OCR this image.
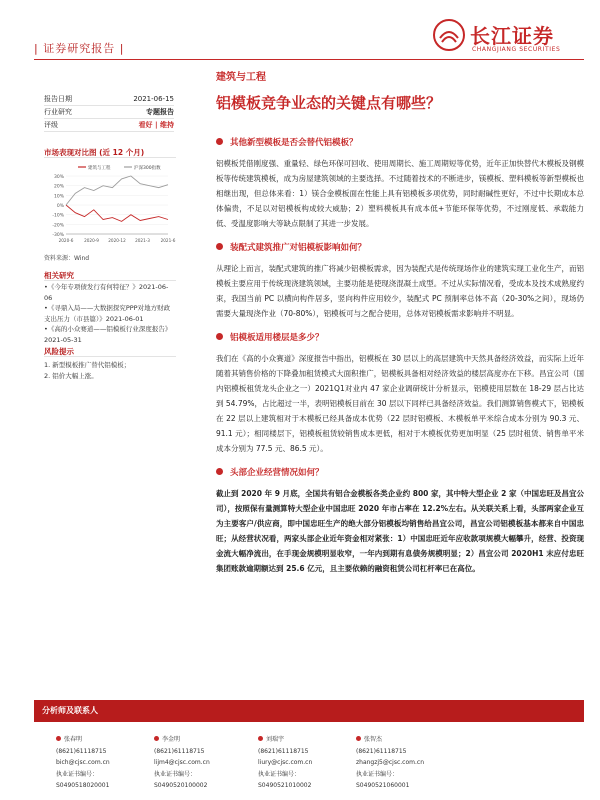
| 证券研究报告 |
长江证券
CHANGJIANG SECURITIES
建筑与工程
铝模板竞争业态的关键点有哪些？
报告日期	2021-06-15
行业研究	专题报告
评级	看好 | 维持
市场表现对比图 (近 12 个月)
30%
20%
10%
0%
-10%
-20%
-30%
2020-6	2020-9 2020-12 2021-3	2021-6
建筑与工程	沪深300指数
资料来源：Wind
相关研究
•《今年专项债发行有何特征？》2021-06-06
•《寻鼎入局——大数据探究PPP对地方财政支出压力（市县篇）》2021-06-01
•《高的小众赛道——铝模板行业深度报告》2021-05-31
风险提示
1. 新型模板推广替代铝模板；
2. 铝价大幅上涨。
其他新型模板是否会替代铝模板？
铝模板凭借刚度强、重量轻、绿色环保可回收、使用周期长、施工周期短等优势，近年正加快替代木模板及钢模板等传统建筑模板，成为房屋建筑领域的主要选择。不过随着技术的不断进步，镁模板、塑料模板等新型模板也相继出现，但总体来看：1）镁合金模板面在性能上具有铝模板多项优势，同时耐碱性更好，不过中长期成本总体偏贵，不足以对铝模板构成较大威胁；2）塑料模板具有成本低+节能环保等优势，不过刚度低、承载能力低、受温度影响大等缺点限制了其进一步发展。
装配式建筑推广对铝模板影响如何？
从理论上而言，装配式建筑的推广将减少铝模板需求，因为装配式是传统现场作业的建筑实现工业化生产，而铝模板主要应用于传统现浇建筑领域，主要功能是使现浇混凝土成型。不过从实际情况看，受成本及技术成熟度约束，我国当前 PC 以横向构件居多，竖向构件应用较少，装配式 PC 预制率总体不高（20-30%之间），现场仍需要大量现浇作业（70-80%），铝模板可与之配合使用，总体对铝模板需求影响并不明显。
铝模板适用楼层是多少？
我们在《高的小众赛道》深度报告中指出，铝模板在 30 层以上的高层建筑中天然具备经济效益，而实际上近年随着其销售价格的下降叠加租赁模式大面积推广，铝模板具备相对经济效益的楼层高度亦在下移。昌宜公司（国内铝模板租赁龙头企业之一）2021Q1对业内 47 家企业调研统计分析显示，铝模使用层数在 18-29 层占比达到 54.79%，占比超过一半，表明铝模板目前在 30 层以下同样已具备经济效益。我们测算销售模式下，铝模板在 22 层以上建筑相对于木模板已经具备成本优势（22 层时铝模板、木模板单平米综合成本分别为 90.3 元、91.1 元）；相同楼层下，铝模板租赁较销售成本更低，相对于木模板优势更加明显（25 层时租赁、销售单平米成本分别为 77.5 元、86.5 元）。
头部企业经营情况如何？
截止到 2020 年 9 月底，全国共有铝合金模板各类企业约 800 家，其中特大型企业 2 家（中国忠旺及昌宜公司），按照保有量测算特大型企业中国忠旺 2020 年市占率在 12.2%左右。从关联关系上看，头部两家企业互为主要客户/供应商，即中国忠旺生产的绝大部分铝模板均销售给昌宜公司，昌宜公司铝模板基本都来自中国忠旺；从经营状况看，两家头部企业近年资金相对紧张：1）中国忠旺近年应收款项规模大幅攀升，经营、投资现金流大幅净流出，在手现金规模明显收窄，一年内到期有息债务规模明显；2）昌宜公司 2020H1 末应付忠旺集团账款逾期额达到 25.6 亿元，且主要依赖的融资租赁公司杠杆率已在高位。
分析师及联系人
张春明
(8621)61118715
bich@cjsc.com.cn
执业证书编号：
S0490518020001
李金明
(8621)61118715
lijm4@cjsc.com.cn
执业证书编号：
S0490520100002
刘瑞宇
(8621)61118715
liury@cjsc.com.cn
执业证书编号：
S0490521010002
张智杰
(8621)61118715
zhangzj5@cjsc.com.cn
执业证书编号：
S0490521060001
